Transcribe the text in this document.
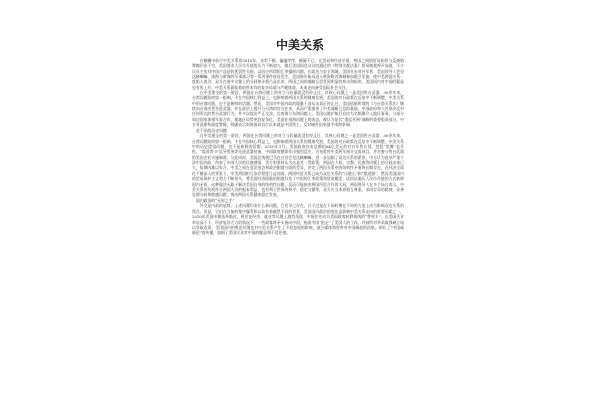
中美关系

在糊糊中前行中美关系的2010年，非常不顺，磕磕绊绊，颠簸不已。在贸易和经济层面，两国之间的贸易纠纷与反倾销摩擦层出不穷，美国要求人民币升值的压力不断加大。随后美国国会众议院通过的《特别关税法案》贸易制裁呼声高涨，不少议员主张对中国产品征收惩罚性关税，以回应所谓的汇率操纵问题。在政治与安全领域，美国宣布对台军售、美国领导人会见达赖喇嘛、南海与黄海的军事演习等一系列事件接连发生，美国海军航母进入黄海附近海域参加联合军演，使中美两国关系一度陷入低谷，双方在诸多议题上的分歧和矛盾凸显出来，两国之间的战略互信受到明显的冲击和损害，美国国内对中国的疑虑也有所上升，中美关系面临着前所未有的复杂局面与严峻挑战，未来走向备受国际社会关注。

在中美建交的第一阶段，两国在台湾问题上的对立与较量就没有停止过，其核心问题之一是美国售台武器，30余年来，台湾问题始终如一根刺，卡在中国核心利益上，也影响着两国关系的健康发展，美国的对台政策在反复中不断调整，中美关系中的台湾问题，也不是新鲜的话题，然而，美国对中国内政的粗暴干涉从未真正停止过，美国依据所谓的《与台湾关系法》继续向台湾出售先进武器，并在政治上提升与台湾的官方往来，从而严重损害了中美战略互信的基础，中国政府和人民坚决反对任何形式的售台武器行为，并多次提出严正交涉，在南海与东海问题上，美国以维护航行自由为名频繁介入地区事务，与部分周边国家加强军事合作，使地区局势更趋复杂化，美国在南海问题上的表态，被认为是其“重返亚洲”战略的重要组成部分，中方对此保持高度警惕，明确表示南海诸岛自古以来就是中国领土，反对域外国家插手南海争端。

走不出的历史问题

自中美建交的第一阶段，两国在台湾问题上的对立与较量就没有停止过，其核心问题之一是美国售台武器，30余年来，台湾问题始终如一根刺，卡在中国核心利益上，也影响着两国关系的健康发展，美国的对台政策在反复中不断调整，中美关系中的历史遗留问题，也不是新鲜的话题，2010年1月，美国政府宣布总额约64亿美元的对台军售计划，包括“黑鹰”直升机、“爱国者-3”反导系统等先进武器装备，中国政府随即作出强烈反应，宣布暂停中美两军部分交流项目，并对参与售台武器的美国企业实施制裁，与此同时，美国总统奥巴马在白宫会见达赖喇嘛，进一步加剧了双边关系的紧张，中方认为此举严重干涉中国内政，伤害了中国人民的民族感情，美方则坚持认为这是其一贯政策，两国在人权、宗教、民族等问题上的分歧由来已久，短期内难以弥合，中美之间在意识形态和政治制度方面的差异，决定了两国关系中的结构性矛盾将长期存在，在经济全球化不断深入的背景下，中美两国相互依存程度日益加深，两国经贸关系已成为双边关系的“压舱石”和“推进器”，然而美国国内的贸易保护主义势力不断抬头，将美国经济面临的困境归咎于中国的汇率政策和贸易顺差，试图以施压人民币升值的方式转移国内矛盾，这种做法无助于解决美国自身的结构性问题，反而可能损害两国经贸合作的大局，两国领导人在多个场合表示，中美关系的发展符合两国人民的根本利益，也有利于世界的和平、稳定与繁荣，双方应当本着相互尊重、求同存异的精神，妥善处理分歧和敏感问题，推动两国关系健康稳定发展。

国内政治的“无形之手”

外交是内政的延续，上述问题均非什么新问题，它们早已存在，只不过是在不同时期在不同的力度上成为影响双边关系的焦点。但是，它们在当前的集中爆发和以前有着截然不同的背景，美国国内政治的变化是影响中美关系走向的重要因素之一，2010年美国中期选举临近，两党在经济、就业等议题上激烈角逐，中国往往成为美国政客转移视线的“替罪羊”，在美国失业率居高不下、经济复苏乏力的情况下，一些政客将矛头指向中国，指责中国“抢走”了美国人的工作，并鼓吹对华采取强硬立场以争取选票，美国国内的舆论环境也对中美关系产生了不容忽视的影响，部分媒体和智库对中国崛起的渲染，助长了“中国威胁论”的传播，加剧了美国民众对中国的疑虑和不信任感。
